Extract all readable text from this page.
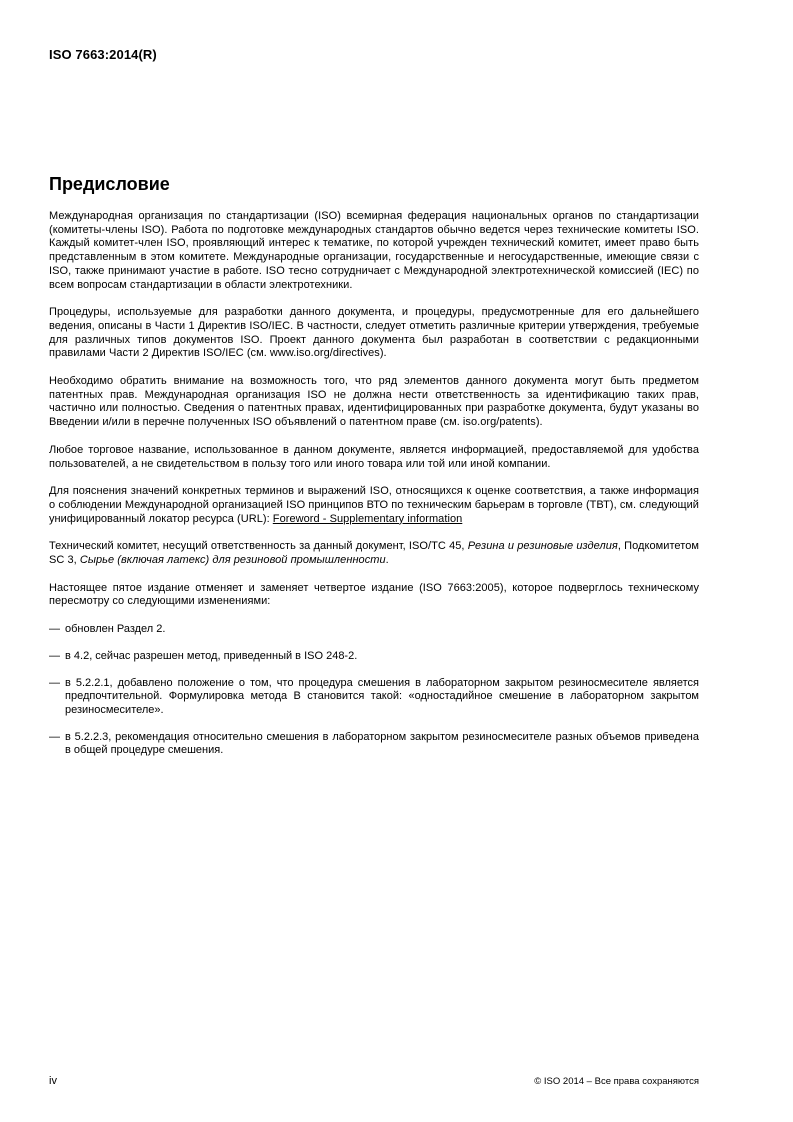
ISO 7663:2014(R)
Предисловие

Международная организация по стандартизации (ISO) всемирная федерация национальных органов по стандартизации (комитеты-члены ISO). Работа по подготовке международных стандартов обычно ведется через технические комитеты ISO. Каждый комитет-член ISO, проявляющий интерес к тематике, по которой учрежден технический комитет, имеет право быть представленным в этом комитете. Международные организации, государственные и негосударственные, имеющие связи с ISO, также принимают участие в работе. ISO тесно сотрудничает с Международной электротехнической комиссией (IEC) по всем вопросам стандартизации в области электротехники.

Процедуры, используемые для разработки данного документа, и процедуры, предусмотренные для его дальнейшего ведения, описаны в Части 1 Директив ISO/IEC. В частности, следует отметить различные критерии утверждения, требуемые для различных типов документов ISO. Проект данного документа был разработан в соответствии с редакционными правилами Части 2 Директив ISO/IEC (см. www.iso.org/directives).

Необходимо обратить внимание на возможность того, что ряд элементов данного документа могут быть предметом патентных прав. Международная организация ISO не должна нести ответственность за идентификацию таких прав, частично или полностью. Сведения о патентных правах, идентифицированных при разработке документа, будут указаны во Введении и/или в перечне полученных ISO объявлений о патентном праве (см. iso.org/patents).

Любое торговое название, использованное в данном документе, является информацией, предоставляемой для удобства пользователей, а не свидетельством в пользу того или иного товара или той или иной компании.

Для пояснения значений конкретных терминов и выражений ISO, относящихся к оценке соответствия, а также информация о соблюдении Международной организацией ISO принципов ВТО по техническим барьерам в торговле (ТВТ), см. следующий унифицированный локатор ресурса (URL): Foreword - Supplementary information

Технический комитет, несущий ответственность за данный документ, ISO/TC 45, Резина и резиновые изделия, Подкомитетом SC 3, Сырье (включая латекс) для резиновой промышленности.

Настоящее пятое издание отменяет и заменяет четвертое издание (ISO 7663:2005), которое подверглось техническому пересмотру со следующими изменениями:

— обновлен Раздел 2.
— в 4.2, сейчас разрешен метод, приведенный в ISO 248-2.
— в 5.2.2.1, добавлено положение о том, что процедура смешения в лабораторном закрытом резиносмесителе является предпочтительной. Формулировка метода В становится такой: «одностадийное смешение в лабораторном закрытом резиносмесителе».
— в 5.2.2.3, рекомендация относительно смешения в лабораторном закрытом резиносмесителе разных объемов приведена в общей процедуре смешения.
iv	© ISO 2014 – Все права сохраняются
